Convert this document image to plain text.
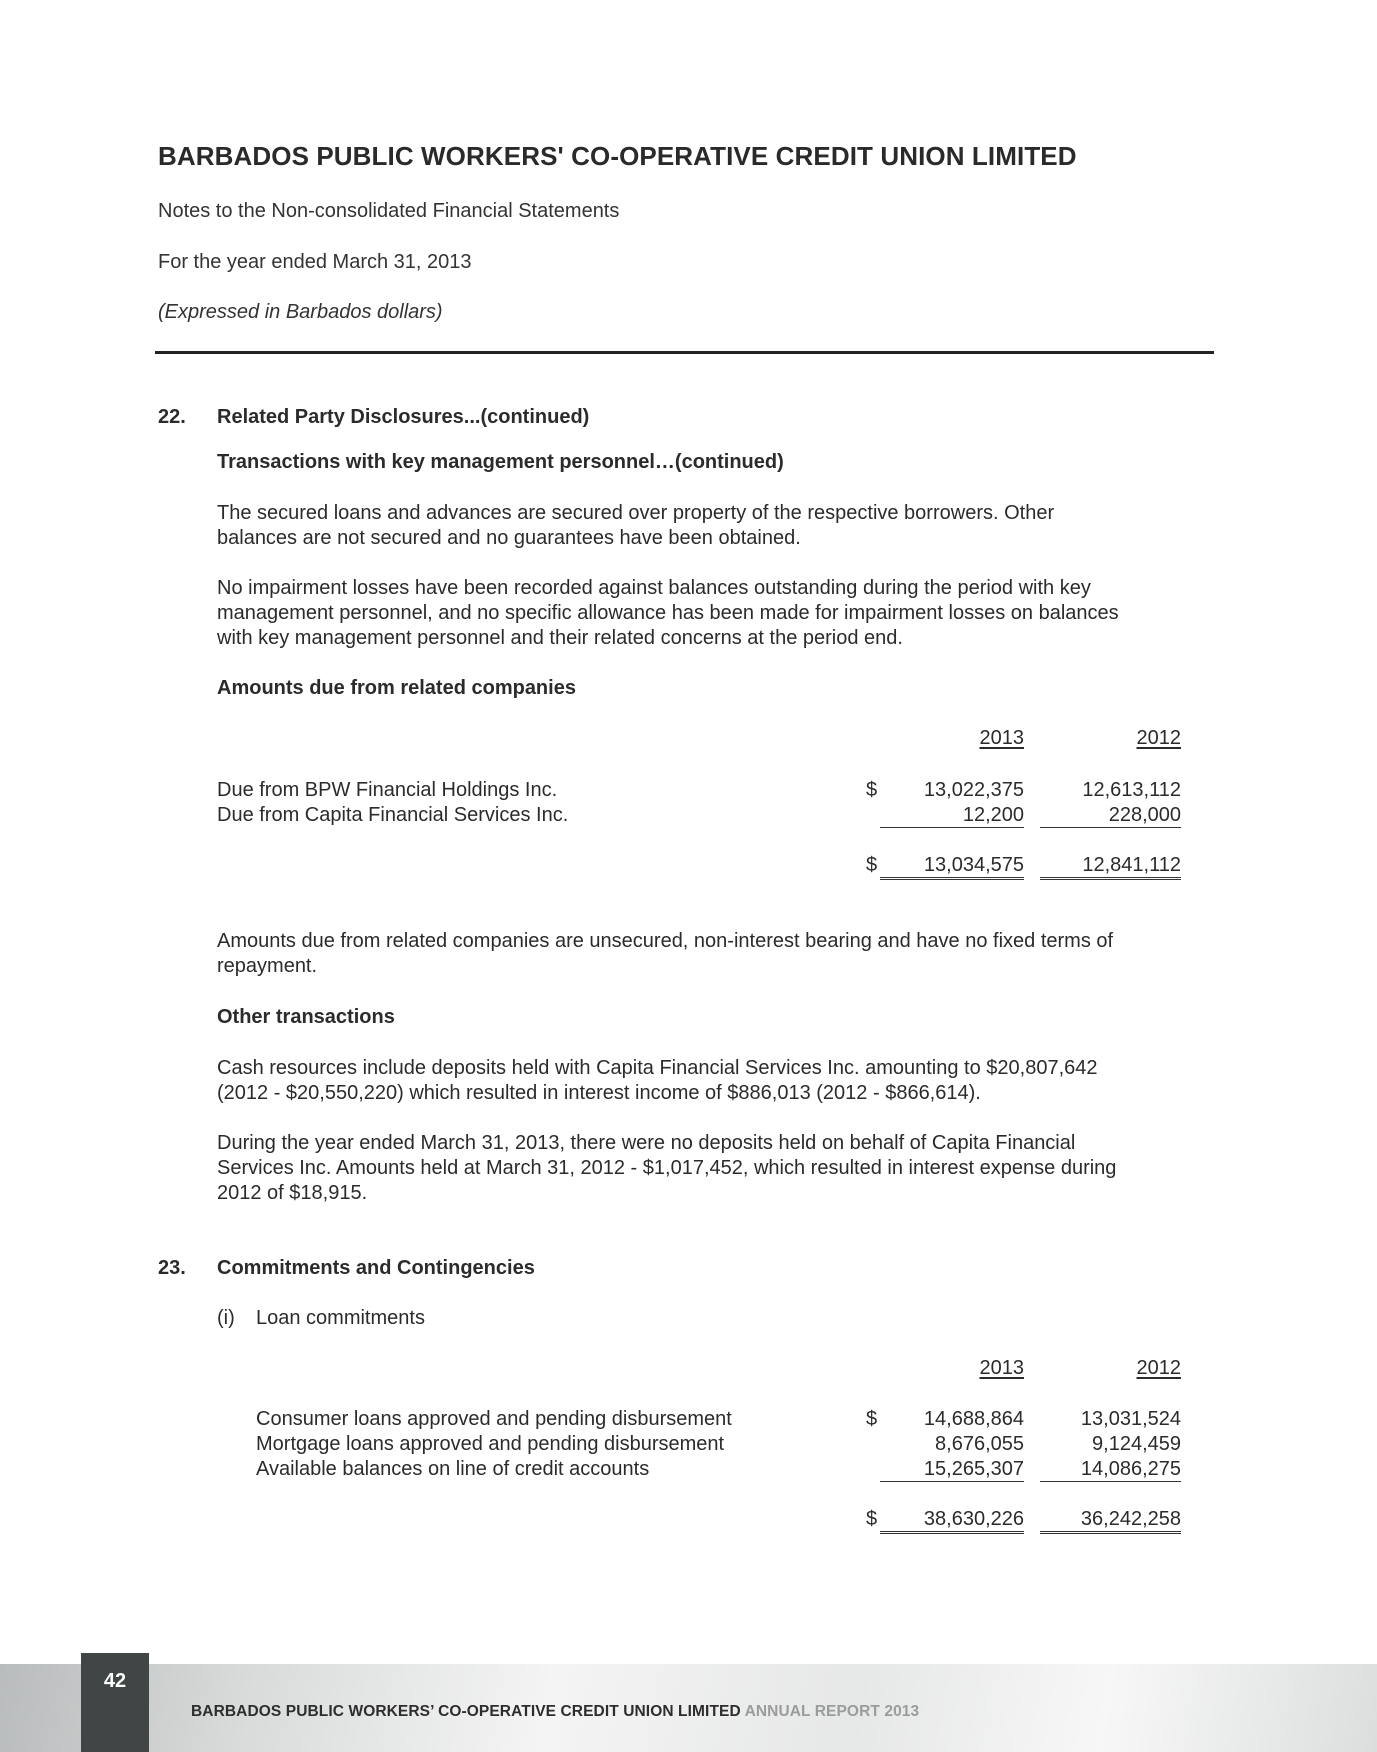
BARBADOS PUBLIC WORKERS' CO-OPERATIVE CREDIT UNION LIMITED
Notes to the Non-consolidated Financial Statements
For the year ended March 31, 2013
(Expressed in Barbados dollars)
22. Related Party Disclosures...(continued)
Transactions with key management personnel…(continued)
The secured loans and advances are secured over property of the respective borrowers. Other
balances are not secured and no guarantees have been obtained.
No impairment losses have been recorded against balances outstanding during the period with key
management personnel, and no specific allowance has been made for impairment losses on balances
with key management personnel and their related concerns at the period end.
Amounts due from related companies
2013	2012
Due from BPW Financial Holdings Inc.	$	13,022,375	12,613,112
Due from Capita Financial Services Inc.	12,200	228,000
$	13,034,575	12,841,112
Amounts due from related companies are unsecured, non-interest bearing and have no fixed terms of
repayment.
Other transactions
Cash resources include deposits held with Capita Financial Services Inc. amounting to $20,807,642
(2012 - $20,550,220) which resulted in interest income of $886,013 (2012 - $866,614).
During the year ended March 31, 2013, there were no deposits held on behalf of Capita Financial
Services Inc. Amounts held at March 31, 2012 - $1,017,452, which resulted in interest expense during
2012 of $18,915.
23. Commitments and Contingencies
(i) Loan commitments
2013	2012
Consumer loans approved and pending disbursement	$	14,688,864	13,031,524
Mortgage loans approved and pending disbursement	8,676,055	9,124,459
Available balances on line of credit accounts	15,265,307	14,086,275
$	38,630,226	36,242,258
42
BARBADOS PUBLIC WORKERS’ CO-OPERATIVE CREDIT UNION LIMITED ANNUAL REPORT 2013
